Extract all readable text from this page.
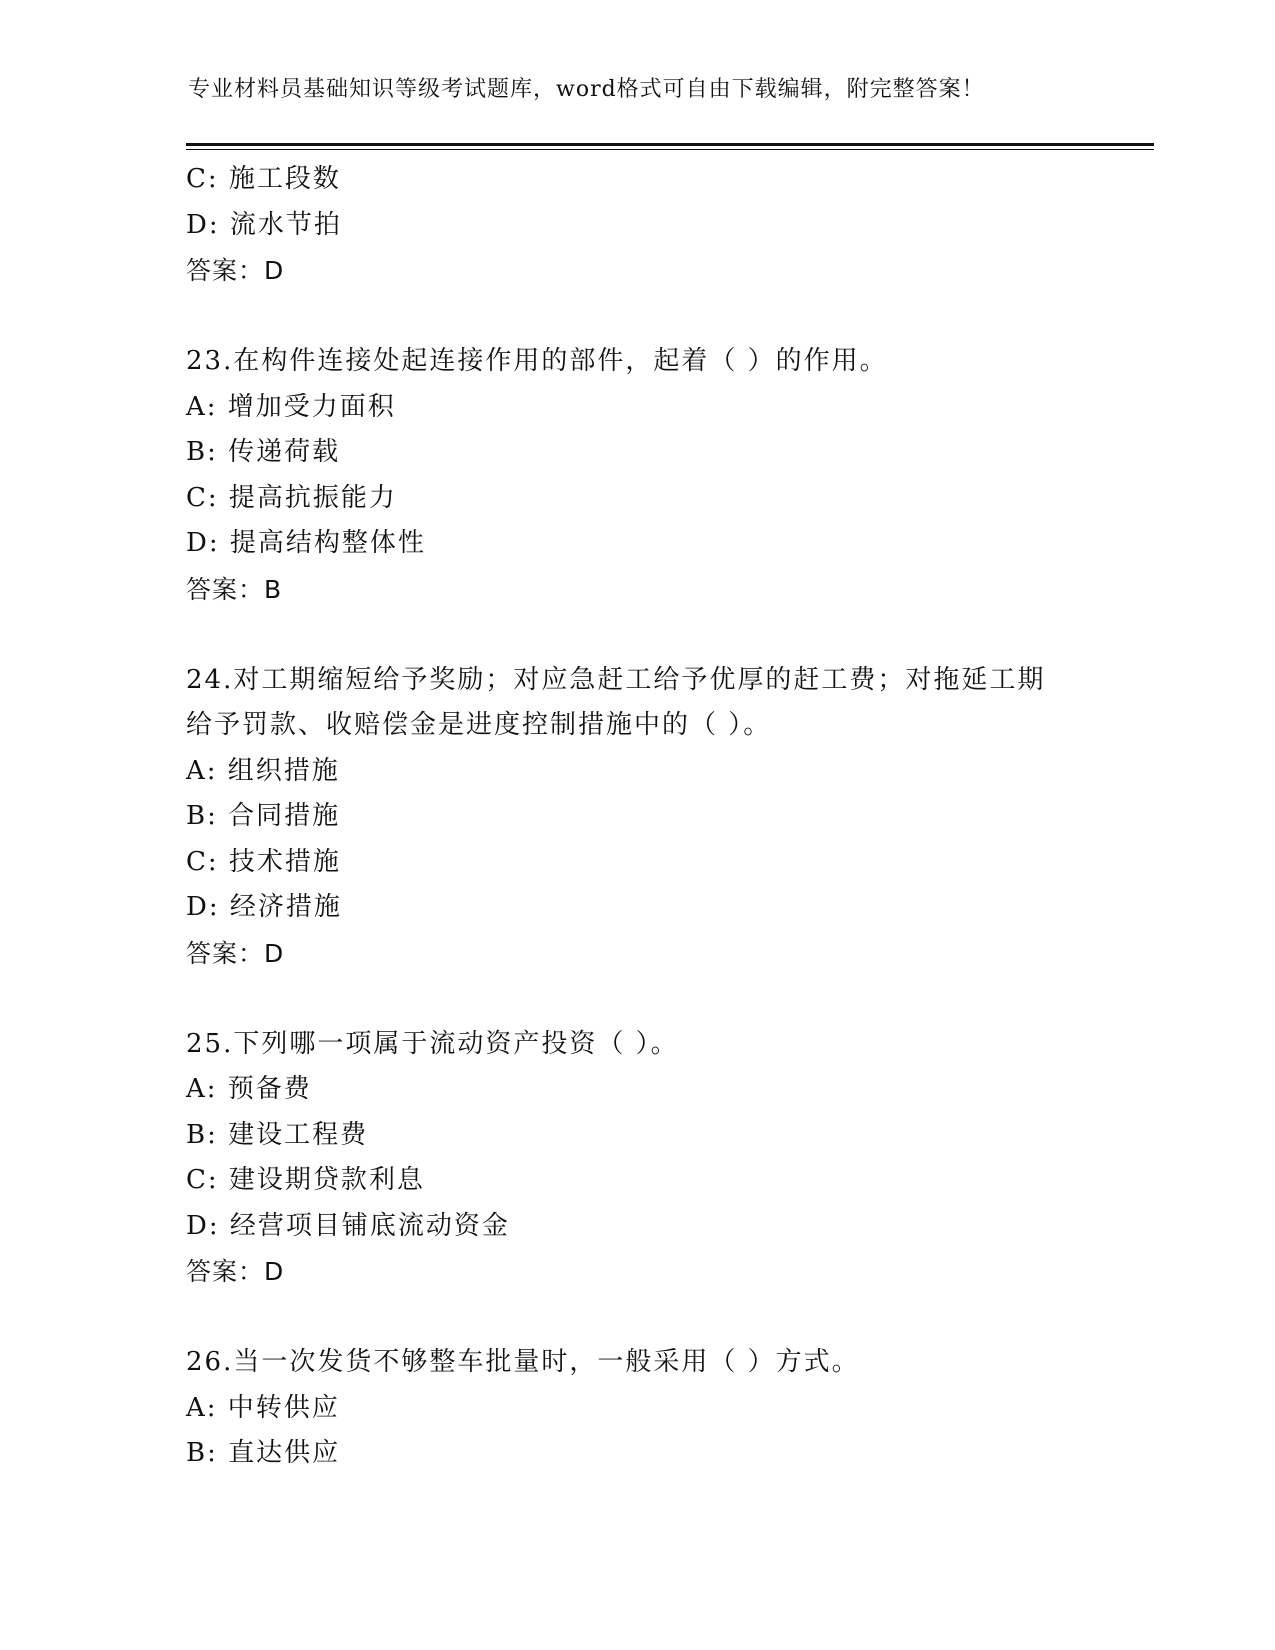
专业材料员基础知识等级考试题库，word格式可自由下载编辑，附完整答案！
C: 施工段数
D: 流水节拍
答案：D
23.在构件连接处起连接作用的部件，起着（ ）的作用。
A: 增加受力面积
B: 传递荷载
C: 提高抗振能力
D: 提高结构整体性
答案：B
24.对工期缩短给予奖励；对应急赶工给予优厚的赶工费；对拖延工期
给予罚款、收赔偿金是进度控制措施中的（ ）。
A: 组织措施
B: 合同措施
C: 技术措施
D: 经济措施
答案：D
25.下列哪一项属于流动资产投资（ ）。
A: 预备费
B: 建设工程费
C: 建设期贷款利息
D: 经营项目铺底流动资金
答案：D
26.当一次发货不够整车批量时，一般采用（ ）方式。
A: 中转供应
B: 直达供应
